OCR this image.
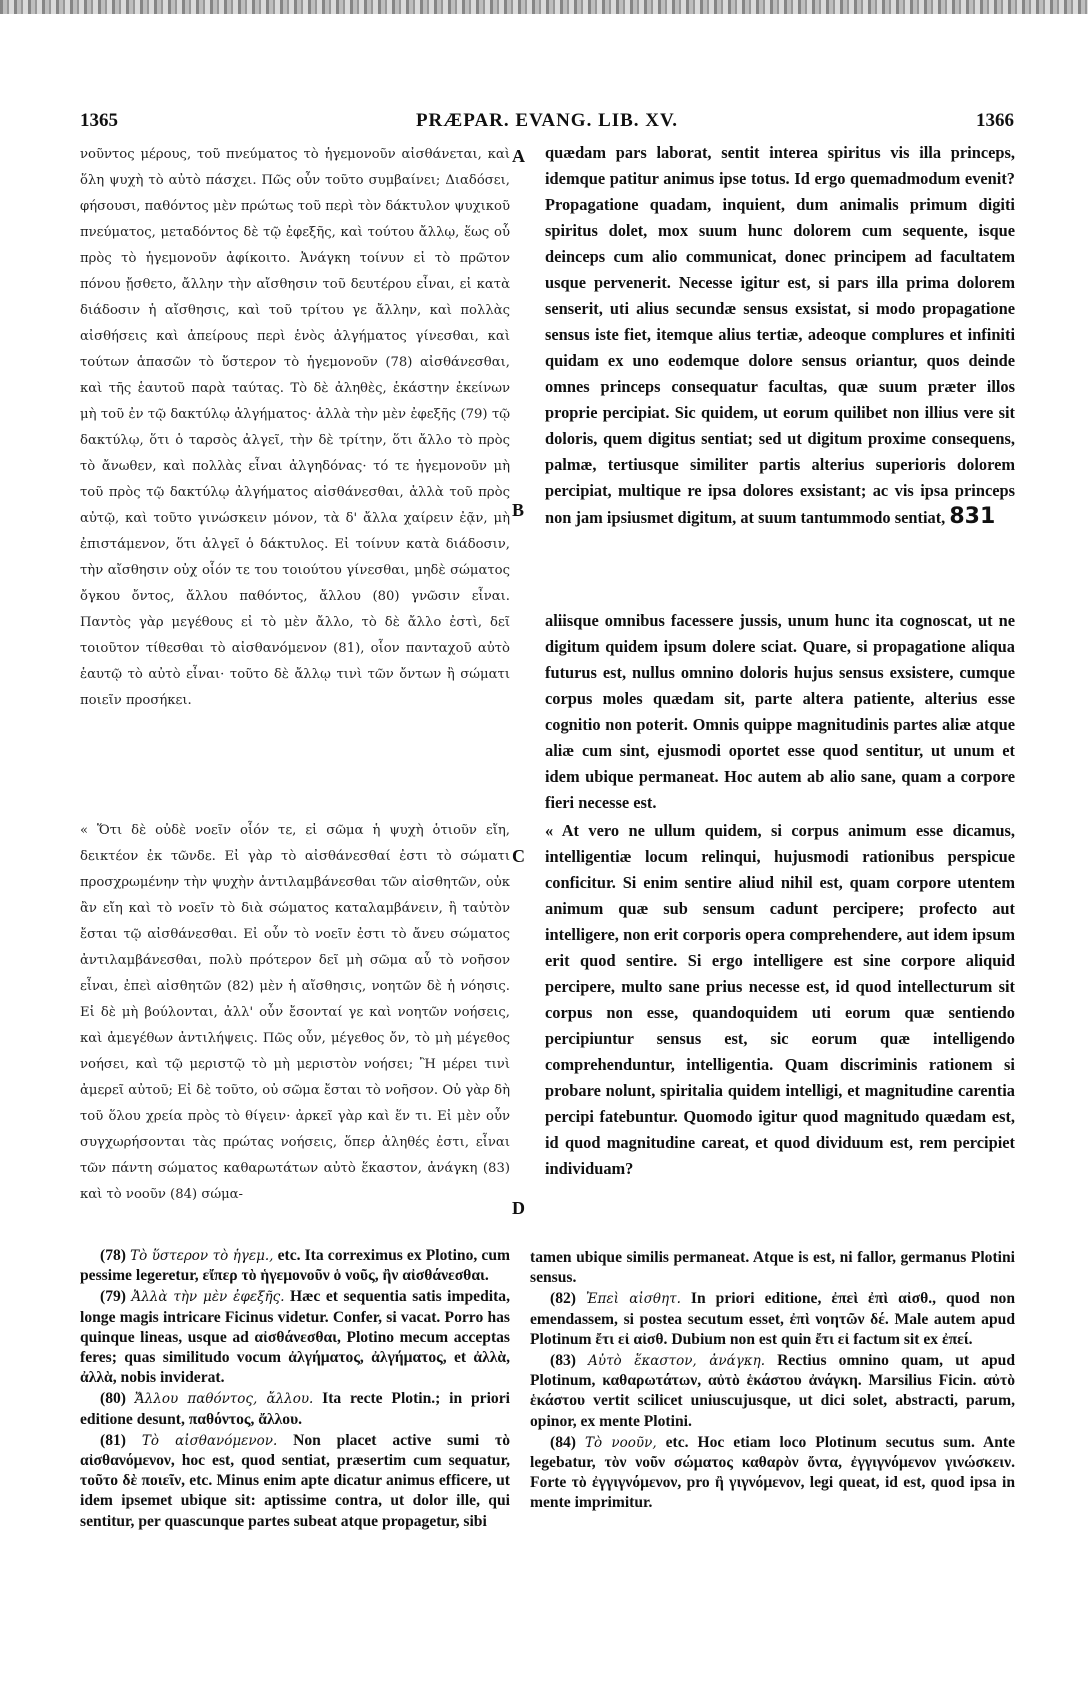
1365	PRÆPAR. EVANG. LIB. XV.	1366
A
B
C
D
νοῦντος μέρους, τοῦ πνεύματος τὸ ἡγεμονοῦν αἰσθάνεται, καὶ ὅλη ψυχὴ τὸ αὐτὸ πάσχει. Πῶς οὖν τοῦτο συμβαίνει; Διαδόσει, φήσουσι, παθόντος μὲν πρώτως τοῦ περὶ τὸν δάκτυλον ψυχικοῦ πνεύματος, μεταδόντος δὲ τῷ ἐφεξῆς, καὶ τούτου ἄλλῳ, ἕως οὗ πρὸς τὸ ἡγεμονοῦν ἀφίκοιτο. Ἀνάγκη τοίνυν εἰ τὸ πρῶτον πόνου ᾔσθετο, ἄλλην τὴν αἴσθησιν τοῦ δευτέρου εἶναι, εἰ κατὰ διάδοσιν ἡ αἴσθησις, καὶ τοῦ τρίτου γε ἄλλην, καὶ πολλὰς αἰσθήσεις καὶ ἀπείρους περὶ ἑνὸς ἀλγήματος γίνεσθαι, καὶ τούτων ἁπασῶν τὸ ὕστερον τὸ ἡγεμονοῦν (78) αἰσθάνεσθαι, καὶ τῆς ἑαυτοῦ παρὰ ταύτας. Τὸ δὲ ἀληθὲς, ἑκάστην ἐκείνων μὴ τοῦ ἐν τῷ δακτύλῳ ἀλγήματος· ἀλλὰ τὴν μὲν ἐφεξῆς (79) τῷ δακτύλῳ, ὅτι ὁ ταρσὸς ἀλγεῖ, τὴν δὲ τρίτην, ὅτι ἄλλο τὸ πρὸς τὸ ἄνωθεν, καὶ πολλὰς εἶναι ἀλγηδόνας· τό τε ἡγεμονοῦν μὴ τοῦ πρὸς τῷ δακτύλῳ ἀλγήματος αἰσθάνεσθαι, ἀλλὰ τοῦ πρὸς αὐτῷ, καὶ τοῦτο γινώσκειν μόνον, τὰ δ' ἄλλα χαίρειν ἐᾷν, μὴ ἐπιστάμενον, ὅτι ἀλγεῖ ὁ δάκτυλος. Εἰ τοίνυν κατὰ διάδοσιν, τὴν αἴσθησιν οὐχ οἷόν τε του τοιούτου γίνεσθαι, μηδὲ σώματος ὄγκου ὄντος, ἄλλου παθόντος, ἄλλου (80) γνῶσιν εἶναι. Παντὸς γὰρ μεγέθους εἰ τὸ μὲν ἄλλο, τὸ δὲ ἄλλο ἐστὶ, δεῖ τοιοῦτον τίθεσθαι τὸ αἰσθανόμενον (81), οἷον πανταχοῦ αὐτὸ ἑαυτῷ τὸ αὐτὸ εἶναι· τοῦτο δὲ ἄλλῳ τινὶ τῶν ὄντων ἢ σώματι ποιεῖν προσήκει.
quædam pars laborat, sentit interea spiritus vis illa princeps, idemque patitur animus ipse totus. Id ergo quemadmodum evenit? Propagatione quadam, inquient, dum animalis primum digiti spiritus dolet, mox suum hunc dolorem cum sequente, isque deinceps cum alio communicat, donec principem ad facultatem usque pervenerit. Necesse igitur est, si pars illa prima dolorem senserit, uti alius secundæ sensus exsistat, si modo propagatione sensus iste fiet, itemque alius tertiæ, adeoque complures et infiniti quidam ex uno eodemque dolore sensus oriantur, quos deinde omnes princeps consequatur facultas, quæ suum præter illos proprie percipiat. Sic quidem, ut eorum quilibet non illius vere sit doloris, quem digitus sentiat; sed ut digitum proxime consequens, palmæ, tertiusque similiter partis alterius superioris dolorem percipiat, multique re ipsa dolores exsistant; ac vis ipsa princeps non jam ipsiusmet digitum, at suum tantummodo sentiat, 831
aliisque omnibus facessere jussis, unum hunc ita cognoscat, ut ne digitum quidem ipsum dolere sciat. Quare, si propagatione aliqua futurus est, nullus omnino doloris hujus sensus exsistere, cumque corpus moles quædam sit, parte altera patiente, alterius esse cognitio non poterit. Omnis quippe magnitudinis partes aliæ atque aliæ cum sint, ejusmodi oportet esse quod sentitur, ut unum et idem ubique permaneat. Hoc autem ab alio sane, quam a corpore fieri necesse est.
« Ὅτι δὲ οὐδὲ νοεῖν οἷόν τε, εἰ σῶμα ἡ ψυχὴ ὁτιοῦν εἴη, δεικτέον ἐκ τῶνδε. Εἰ γὰρ τὸ αἰσθάνεσθαί ἐστι τὸ σώματι προσχρωμένην τὴν ψυχὴν ἀντιλαμβάνεσθαι τῶν αἰσθητῶν, οὐκ ἂν εἴη καὶ τὸ νοεῖν τὸ διὰ σώματος καταλαμβάνειν, ἢ ταὐτὸν ἔσται τῷ αἰσθάνεσθαι. Εἰ οὖν τὸ νοεῖν ἐστι τὸ ἄνευ σώματος ἀντιλαμβάνεσθαι, πολὺ πρότερον δεῖ μὴ σῶμα αὖ τὸ νοῆσον εἶναι, ἐπεὶ αἰσθητῶν (82) μὲν ἡ αἴσθησις, νοητῶν δὲ ἡ νόησις. Εἰ δὲ μὴ βούλονται, ἀλλ' οὖν ἔσονταί γε καὶ νοητῶν νοήσεις, καὶ ἀμεγέθων ἀντιλήψεις. Πῶς οὖν, μέγεθος ὄν, τὸ μὴ μέγεθος νοήσει, καὶ τῷ μεριστῷ τὸ μὴ μεριστὸν νοήσει; Ἢ μέρει τινὶ ἀμερεῖ αὐτοῦ; Εἰ δὲ τοῦτο, οὐ σῶμα ἔσται τὸ νοῆσον. Οὐ γὰρ δὴ τοῦ ὅλου χρεία πρὸς τὸ θίγειν· ἀρκεῖ γὰρ καὶ ἕν τι. Εἰ μὲν οὖν συγχωρήσονται τὰς πρώτας νοήσεις, ὅπερ ἀληθές ἐστι, εἶναι τῶν πάντη σώματος καθαρωτάτων αὐτὸ ἕκαστον, ἀνάγκη (83) καὶ τὸ νοοῦν (84) σώμα-
« At vero ne ullum quidem, si corpus animum esse dicamus, intelligentiæ locum relinqui, hujusmodi rationibus perspicue conficitur. Si enim sentire aliud nihil est, quam corpore utentem animum quæ sub sensum cadunt percipere; profecto aut intelligere, non erit corporis opera comprehendere, aut idem ipsum erit quod sentire. Si ergo intelligere est sine corpore aliquid percipere, multo sane prius necesse est, id quod intellecturum sit corpus non esse, quandoquidem uti eorum quæ sentiendo percipiuntur sensus est, sic eorum quæ intelligendo comprehenduntur, intelligentia. Quam discriminis rationem si probare nolunt, spiritalia quidem intelligi, et magnitudine carentia percipi fatebuntur. Quomodo igitur quod magnitudo quædam est, id quod magnitudine careat, et quod dividuum est, rem percipiet individuam?

(78) Τὸ ὕστερον τὸ ἡγεμ., etc. Ita correximus ex Plotino, cum pessime legeretur, εἴπερ τὸ ἡγεμονοῦν ὁ νοῦς, ἢν αἰσθάνεσθαι.

(79) Ἀλλὰ τὴν μὲν ἐφεξῆς. Hæc et sequentia satis impedita, longe magis intricare Ficinus videtur. Confer, si vacat. Porro has quinque lineas, usque ad αἰσθάνεσθαι, Plotino mecum acceptas feres; quas similitudo vocum ἀλγήματος, ἀλγήματος, et ἀλλὰ, ἀλλὰ, nobis inviderat.

(80) Ἄλλου παθόντος, ἄλλου. Ita recte Plotin.; in priori editione desunt, παθόντος, ἄλλου.

(81) Τὸ αἰσθανόμενον. Non placet active sumi τὸ αἰσθανόμενον, hoc est, quod sentiat, præsertim cum sequatur, τοῦτο δὲ ποιεῖν, etc. Minus enim apte dicatur animus efficere, ut idem ipsemet ubique sit: aptissime contra, ut dolor ille, qui sentitur, per quascunque partes subeat atque propagetur, sibi

tamen ubique similis permaneat. Atque is est, ni fallor, germanus Plotini sensus.

(82) Ἐπεὶ αἰσθητ. In priori editione, ἐπεὶ ἐπὶ αἰσθ., quod non emendassem, si postea secutum esset, ἐπὶ νοητῶν δέ. Male autem apud Plotinum ἔτι εἰ αἰσθ. Dubium non est quin ἔτι εἰ factum sit ex ἐπεί.

(83) Αὐτὸ ἕκαστον, ἀνάγκη. Rectius omnino quam, ut apud Plotinum, καθαρωτάτων, αὐτὸ ἑκάστου ἀνάγκη. Marsilius Ficin. αὐτὸ ἑκάστου vertit scilicet uniuscujusque, ut dici solet, abstracti, parum, opinor, ex mente Plotini.

(84) Τὸ νοοῦν, etc. Hoc etiam loco Plotinum secutus sum. Ante legebatur, τὸν νοῦν σώματος καθαρὸν ὄντα, ἐγγιγνόμενον γινώσκειν. Forte τὸ ἐγγιγνόμενον, pro ἢ γιγνόμενον, legi queat, id est, quod ipsa in mente imprimitur.
